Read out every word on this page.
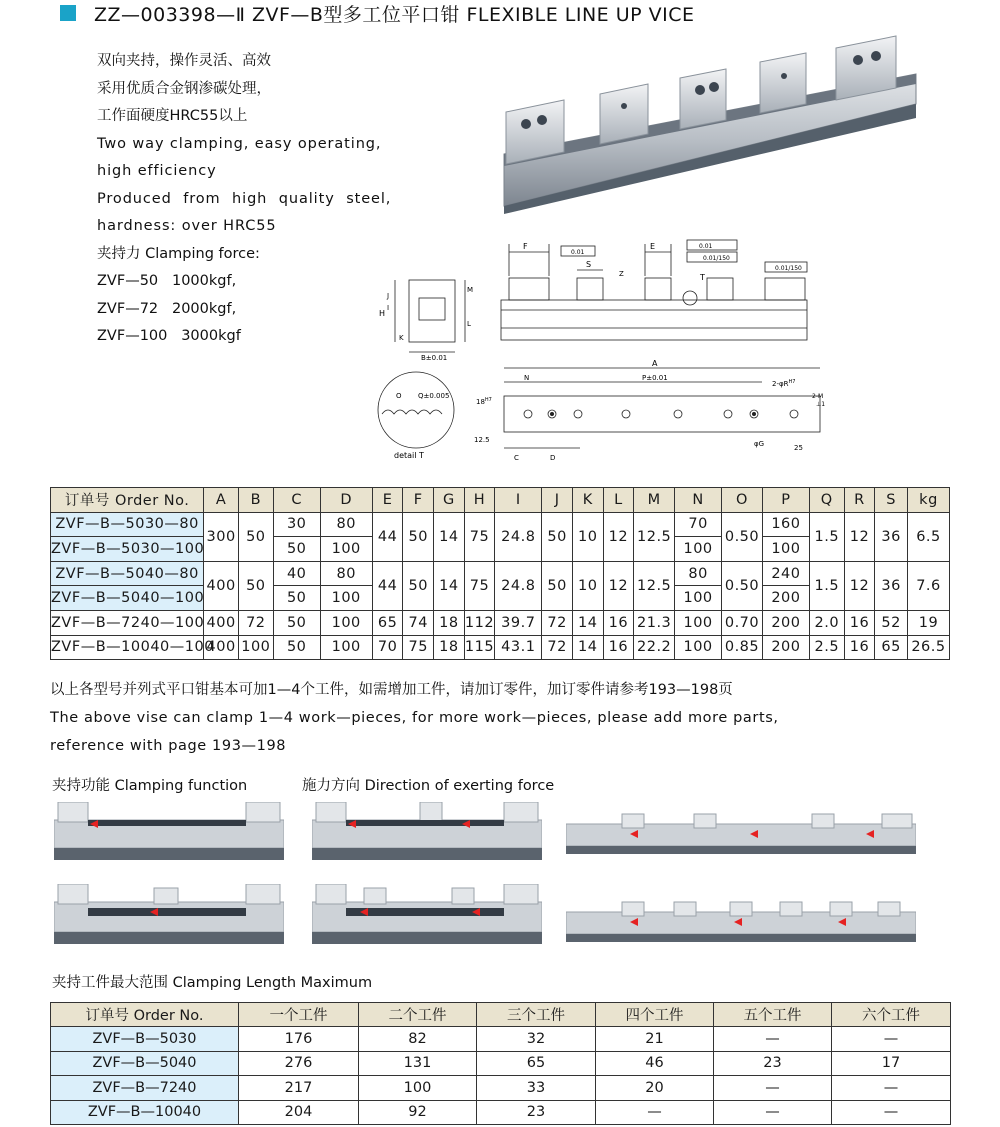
ZZ—003398—Ⅱ ZVF—B型多工位平口钳 FLEXIBLE LINE UP VICE
双向夹持，操作灵活、高效
采用优质合金钢渗碳处理，
工作面硬度HRC55以上
Two way clamping, easy operating,
high efficiency
Produced from high quality steel,
hardness: over HRC55
夹持力 Clamping force:
ZVF—50 1000kgf,
ZVF—72 2000kgf,
ZVF—100 3000kgf
F	E
S
T
Z
0.01
0.01
0.01/150
0.01/150
H
J
I
M
L
K
B±0.01
O Q±0.005
detail T
A
N	P±0.01
$2-\varphi R^{H7}$
2-M
⊥1
$18^{H7}$
12.5
C	D
φG	25
订单号 Order No.	A	B	C	D	E	F	G	H	I	J	K	L	M	N	O	P	Q	R	S	kg
ZVF—B—5030—80	300	50	30	80	44	50	14	75	24.8	50	10	12	12.5	70	0.50	160	1.5	12	36	6.5
ZVF—B—5030—100			50	100										100		100				
ZVF—B—5040—80	400	50	40	80	44	50	14	75	24.8	50	10	12	12.5	80	0.50	240	1.5	12	36	7.6
ZVF—B—5040—100			50	100										100		200				
ZVF—B—7240—100	400	72	50	100	65	74	18	112	39.7	72	14	16	21.3	100	0.70	200	2.0	16	52	19
ZVF—B—10040—100	400	100	50	100	70	75	18	115	43.1	72	14	16	22.2	100	0.85	200	2.5	16	65	26.5
以上各型号并列式平口钳基本可加1—4个工件，如需增加工件，请加订零件，加订零件请参考193—198页
The above vise can clamp 1—4 work—pieces, for more work—pieces, please add more parts,
reference with page 193—198
夹持功能 Clamping function	施力方向 Direction of exerting force
夹持工件最大范围 Clamping Length Maximum
订单号 Order No.	一个工件	二个工件	三个工件	四个工件	五个工件	六个工件
ZVF—B—5030	176	82	32	21	—	—
ZVF—B—5040	276	131	65	46	23	17
ZVF—B—7240	217	100	33	20	—	—
ZVF—B—10040	204	92	23	—	—	—
